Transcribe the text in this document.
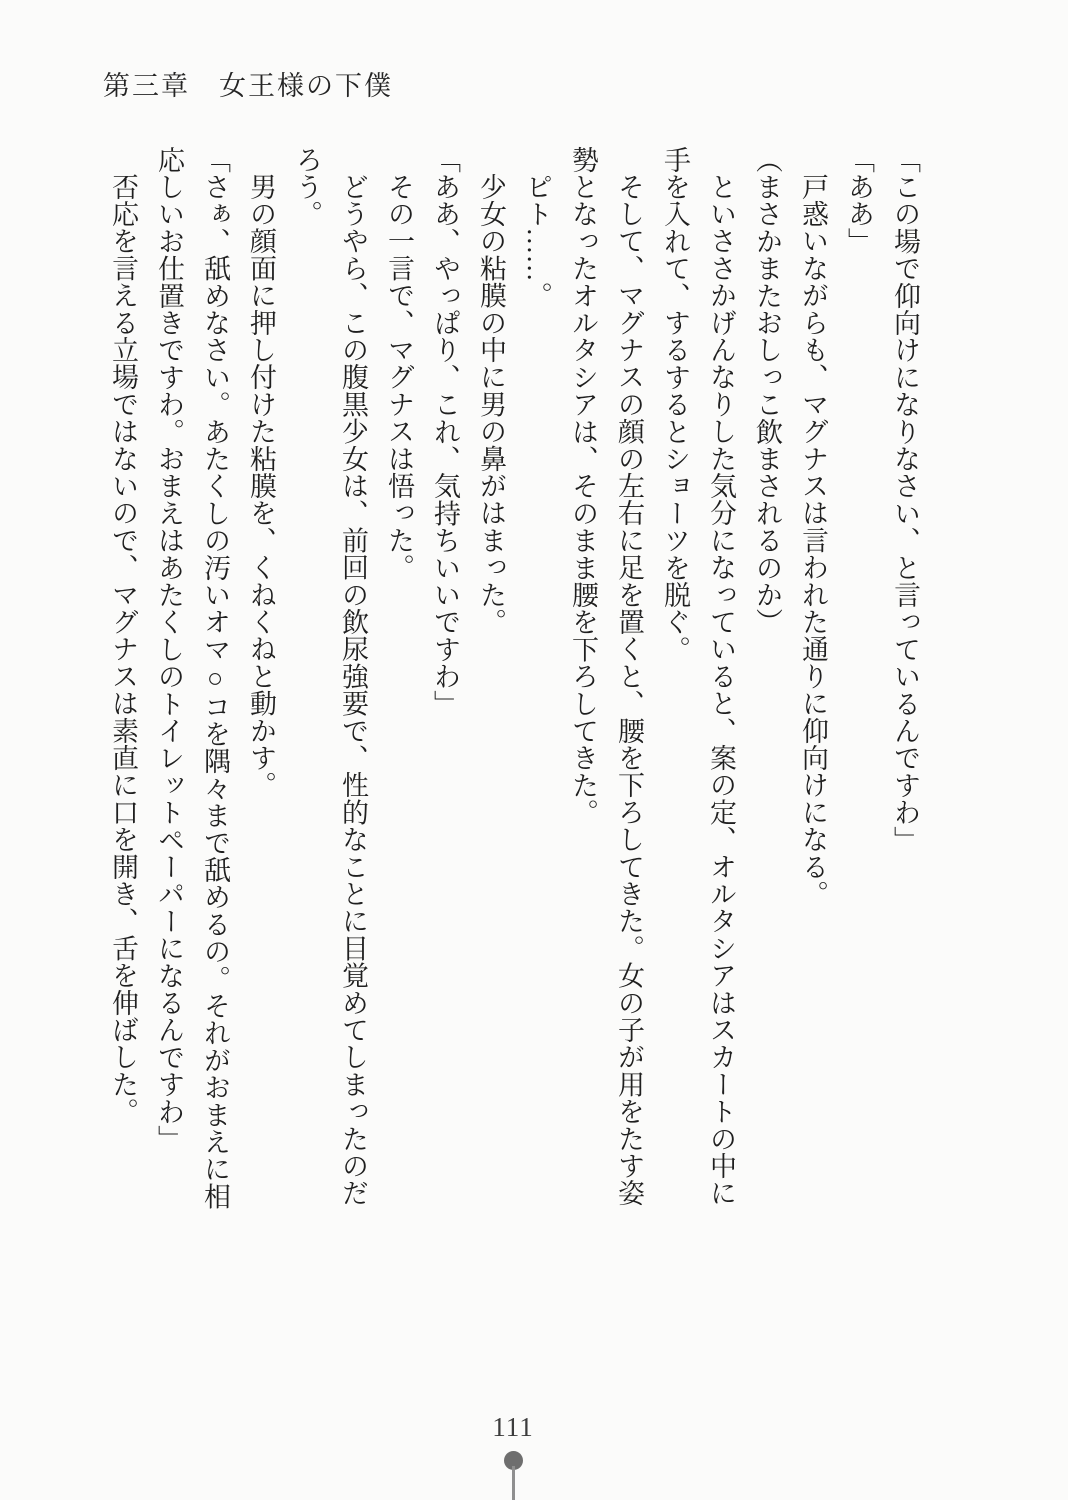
第三章　女王様の下僕

「この場で仰向けになりなさい、と言っているんですわ」

「ああ」

戸惑いながらも、マグナスは言われた通りに仰向けになる。

（まさかまたおしっこ飲まされるのか）

といささかげんなりした気分になっていると、案の定、オルタシアはスカートの中に手を入れて、するするとショーツを脱ぐ。

そして、マグナスの顔の左右に足を置くと、腰を下ろしてきた。女の子が用をたす姿勢となったオルタシアは、そのまま腰を下ろしてきた。

ピト……。

少女の粘膜の中に男の鼻がはまった。

「ああ、やっぱり、これ、気持ちいいですわ」

その一言で、マグナスは悟った。

どうやら、この腹黒少女は、前回の飲尿強要で、性的なことに目覚めてしまったのだろう。

男の顔面に押し付けた粘膜を、くねくねと動かす。

「さぁ、舐めなさい。あたくしの汚いオマ○コを隅々まで舐めるの。それがおまえに相応しいお仕置きですわ。おまえはあたくしのトイレットペーパーになるんですわ」

否応を言える立場ではないので、マグナスは素直に口を開き、舌を伸ばした。

111
